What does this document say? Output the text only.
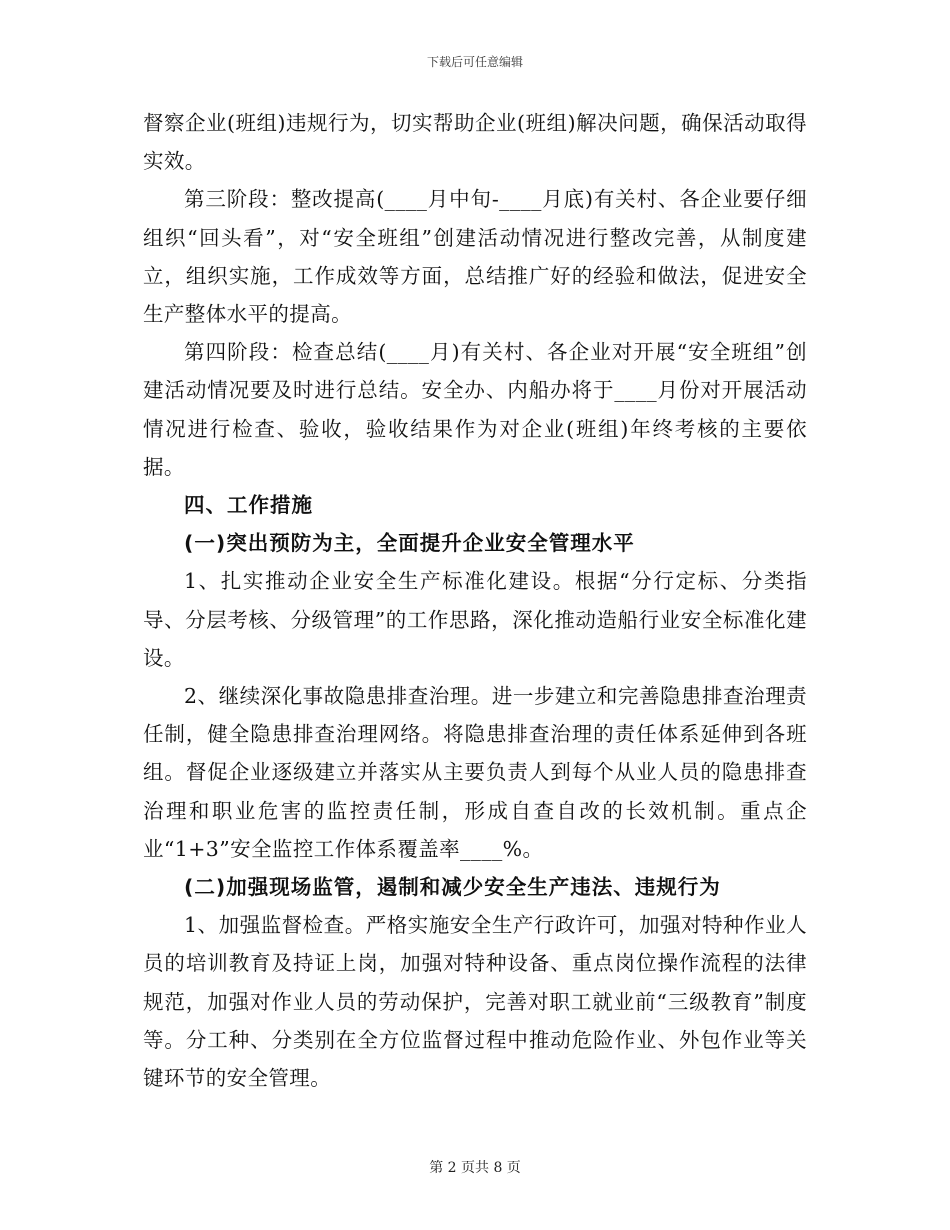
下载后可任意编辑

督察企业(班组)违规行为，切实帮助企业(班组)解决问题，确保活动取得实效。

第三阶段：整改提高(____月中旬-____月底)有关村、各企业要仔细组织“回头看”，对“安全班组”创建活动情况进行整改完善，从制度建立，组织实施，工作成效等方面，总结推广好的经验和做法，促进安全生产整体水平的提高。

第四阶段：检查总结(____月)有关村、各企业对开展“安全班组”创建活动情况要及时进行总结。安全办、内船办将于____月份对开展活动情况进行检查、验收，验收结果作为对企业(班组)年终考核的主要依据。

四、工作措施

(一)突出预防为主，全面提升企业安全管理水平

1、扎实推动企业安全生产标准化建设。根据“分行定标、分类指导、分层考核、分级管理”的工作思路，深化推动造船行业安全标准化建设。

2、继续深化事故隐患排查治理。进一步建立和完善隐患排查治理责任制，健全隐患排查治理网络。将隐患排查治理的责任体系延伸到各班组。督促企业逐级建立并落实从主要负责人到每个从业人员的隐患排查治理和职业危害的监控责任制，形成自查自改的长效机制。重点企业“1+3”安全监控工作体系覆盖率____%。

(二)加强现场监管，遏制和减少安全生产违法、违规行为

1、加强监督检查。严格实施安全生产行政许可，加强对特种作业人员的培训教育及持证上岗，加强对特种设备、重点岗位操作流程的法律规范，加强对作业人员的劳动保护，完善对职工就业前“三级教育”制度等。分工种、分类别在全方位监督过程中推动危险作业、外包作业等关键环节的安全管理。

第 2 页共 8 页
